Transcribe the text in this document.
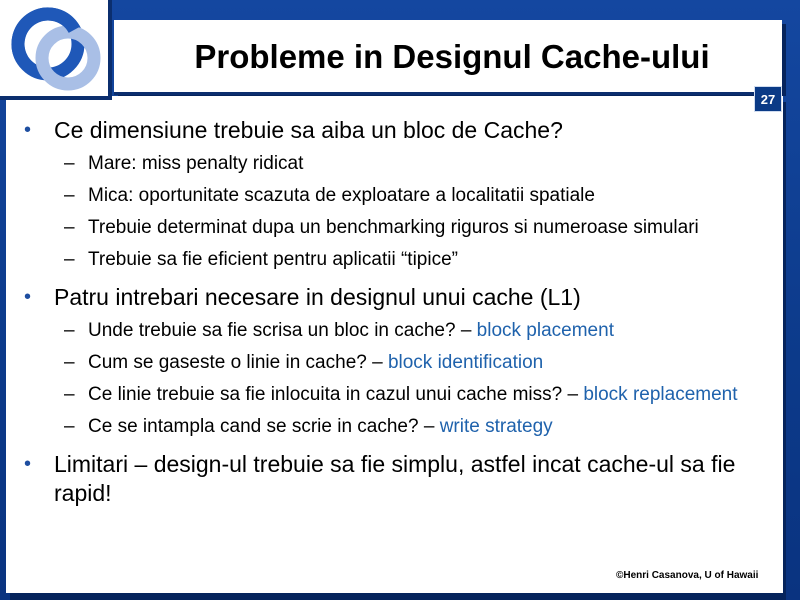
Probleme in Designul Cache-ului
27
• Ce dimensiune trebuie sa aiba un bloc de Cache?
– Mare: miss penalty ridicat
– Mica: oportunitate scazuta de exploatare a localitatii spatiale
– Trebuie determinat dupa un benchmarking riguros si numeroase simulari
– Trebuie sa fie eficient pentru aplicatii “tipice”
• Patru intrebari necesare in designul unui cache (L1)
– Unde trebuie sa fie scrisa un bloc in cache? – block placement
– Cum se gaseste o linie in cache? – block identification
– Ce linie trebuie sa fie inlocuita in cazul unui cache miss? – block replacement
– Ce se intampla cand se scrie in cache? – write strategy
• Limitari – design-ul trebuie sa fie simplu, astfel incat cache-ul sa fie rapid!
©Henri Casanova, U of Hawaii
